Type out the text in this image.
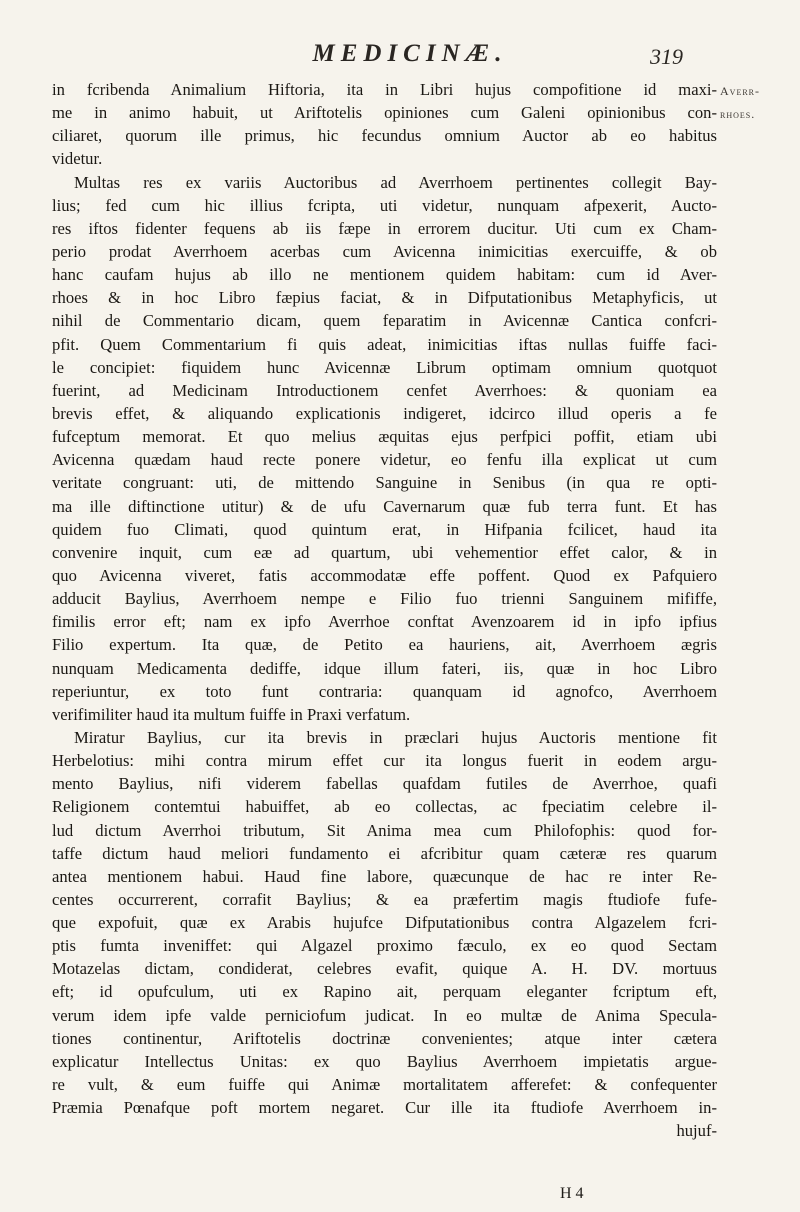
MEDICINÆ.	319
Averr-
rhoes.
in fcribenda Animalium Hiftoria, ita in Libri hujus compofitione id maxi-
me in animo habuit, ut Ariftotelis opiniones cum Galeni opinionibus con-
ciliaret, quorum ille primus, hic fecundus omnium Auctor ab eo habitus
videtur.
Multas res ex variis Auctoribus ad Averrhoem pertinentes collegit Bay-
lius; fed cum hic illius fcripta, uti videtur, nunquam afpexerit, Aucto-
res iftos fidenter fequens ab iis fæpe in errorem ducitur. Uti cum ex Cham-
perio prodat Averrhoem acerbas cum Avicenna inimicitias exercuiffe, & ob
hanc caufam hujus ab illo ne mentionem quidem habitam: cum id Aver-
rhoes & in hoc Libro fæpius faciat, & in Difputationibus Metaphyficis, ut
nihil de Commentario dicam, quem feparatim in Avicennæ Cantica confcri-
pfit. Quem Commentarium fi quis adeat, inimicitias iftas nullas fuiffe faci-
le concipiet: fiquidem hunc Avicennæ Librum optimam omnium quotquot
fuerint, ad Medicinam Introductionem cenfet Averrhoes: & quoniam ea
brevis effet, & aliquando explicationis indigeret, idcirco illud operis a fe
fufceptum memorat. Et quo melius æquitas ejus perfpici poffit, etiam ubi
Avicenna quædam haud recte ponere videtur, eo fenfu illa explicat ut cum
veritate congruant: uti, de mittendo Sanguine in Senibus (in qua re opti-
ma ille diftinctione utitur) & de ufu Cavernarum quæ fub terra funt. Et has
quidem fuo Climati, quod quintum erat, in Hifpania fcilicet, haud ita
convenire inquit, cum eæ ad quartum, ubi vehementior effet calor, & in
quo Avicenna viveret, fatis accommodatæ effe poffent. Quod ex Pafquiero
adducit Baylius, Averrhoem nempe e Filio fuo trienni Sanguinem mififfe,
fimilis error eft; nam ex ipfo Averrhoe conftat Avenzoarem id in ipfo ipfius
Filio expertum. Ita quæ, de Petito ea hauriens, ait, Averrhoem ægris
nunquam Medicamenta dediffe, idque illum fateri, iis, quæ in hoc Libro
reperiuntur, ex toto funt contraria: quanquam id agnofco, Averrhoem
verifimiliter haud ita multum fuiffe in Praxi verfatum.
Miratur Baylius, cur ita brevis in præclari hujus Auctoris mentione fit
Herbelotius: mihi contra mirum effet cur ita longus fuerit in eodem argu-
mento Baylius, nifi viderem fabellas quafdam futiles de Averrhoe, quafi
Religionem contemtui habuiffet, ab eo collectas, ac fpeciatim celebre il-
lud dictum Averrhoi tributum, Sit Anima mea cum Philofophis: quod for-
taffe dictum haud meliori fundamento ei afcribitur quam cæteræ res quarum
antea mentionem habui. Haud fine labore, quæcunque de hac re inter Re-
centes occurrerent, corrafit Baylius; & ea præfertim magis ftudiofe fufe-
que expofuit, quæ ex Arabis hujufce Difputationibus contra Algazelem fcri-
ptis fumta inveniffet: qui Algazel proximo fæculo, ex eo quod Sectam
Motazelas dictam, condiderat, celebres evafit, quique A. H. DV. mortuus
eft; id opufculum, uti ex Rapino ait, perquam eleganter fcriptum eft,
verum idem ipfe valde perniciofum judicat. In eo multæ de Anima Specula-
tiones continentur, Ariftotelis doctrinæ convenientes; atque inter cætera
explicatur Intellectus Unitas: ex quo Baylius Averrhoem impietatis argue-
re vult, & eum fuiffe qui Animæ mortalitatem afferefet: & confequenter
Præmia Pœnafque poft mortem negaret. Cur ille ita ftudiofe Averrhoem in-
hujuf-
H 4
